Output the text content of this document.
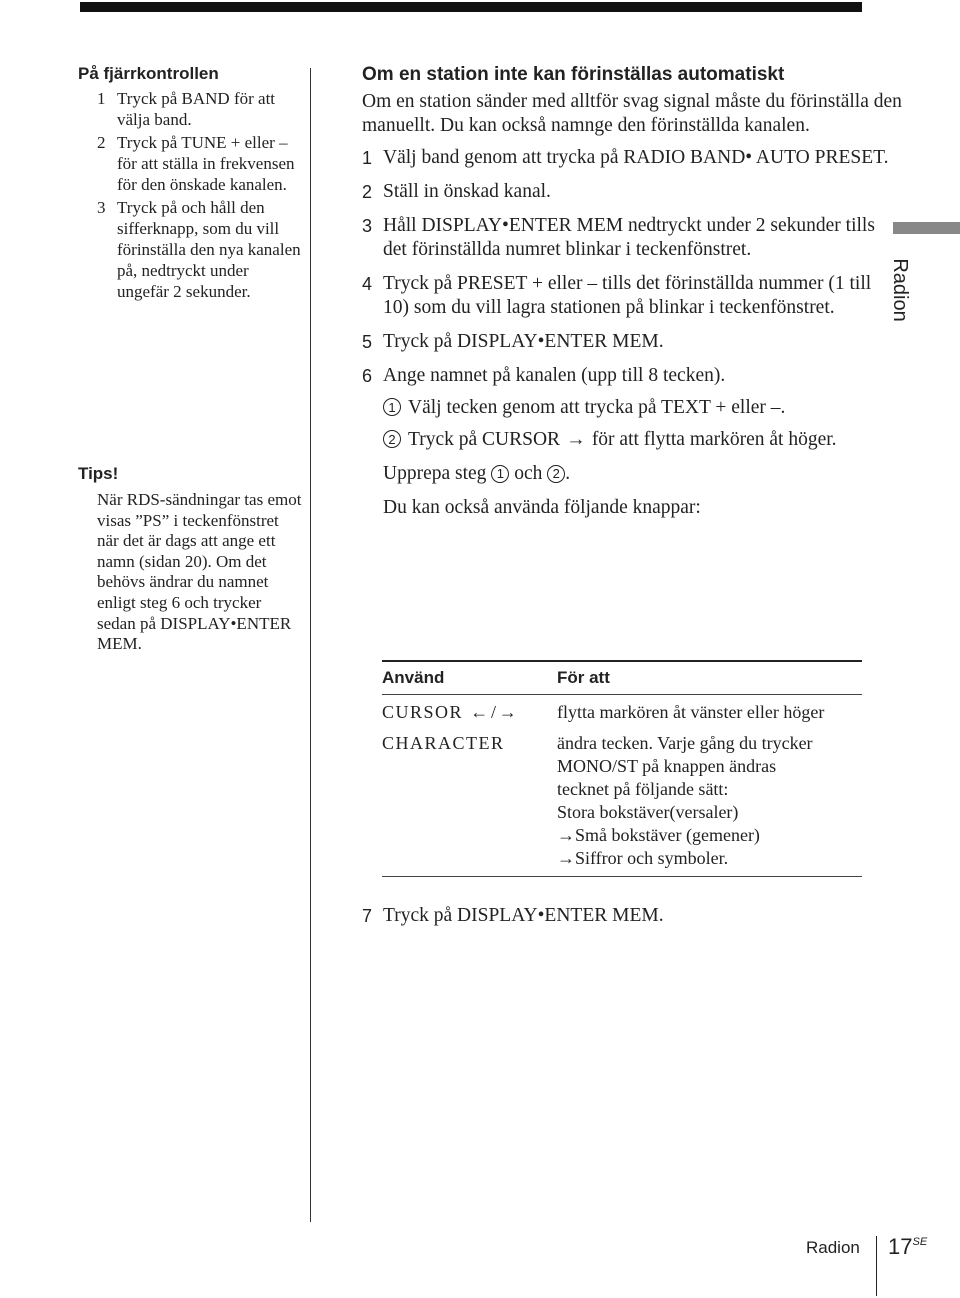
På fjärrkontrollen
1 Tryck på BAND för att välja band.
2 Tryck på TUNE + eller – för att ställa in frekvensen för den önskade kanalen.
3 Tryck på och håll den sifferknapp, som du vill förinställa den nya kanalen på, nedtryckt under ungefär 2 sekunder.
Tips!

När RDS-sändningar tas emot visas ”PS” i teckenfönstret när det är dags att ange ett namn (sidan 20). Om det behövs ändrar du namnet enligt steg 6 och trycker sedan på DISPLAY•ENTER MEM.

Om en station inte kan förinställas automatiskt

Om en station sänder med alltför svag signal måste du förinställa den manuellt. Du kan också namnge den förinställda kanalen.

1 Välj band genom att trycka på RADIO BAND• AUTO PRESET.
2 Ställ in önskad kanal.
3 Håll DISPLAY•ENTER MEM nedtryckt under 2 sekunder tills det förinställda numret blinkar i teckenfönstret.
4 Tryck på PRESET + eller – tills det förinställda nummer (1 till 10) som du vill lagra stationen på blinkar i teckenfönstret.
5 Tryck på DISPLAY•ENTER MEM.
6 Ange namnet på kanalen (upp till 8 tecken).
1 Välj tecken genom att trycka på TEXT + eller –.
2 Tryck på CURSOR → för att flytta markören åt höger.

Upprepa steg 1 och 2 .

Du kan också använda följande knappar:

Använd	För att
CURSOR ←/→	flytta markören åt vänster eller höger
CHARACTER	ändra tecken. Varje gång du trycker
MONO/ST på knappen ändras
tecknet på följande sätt:
Stora bokstäver(versaler)
→Små bokstäver (gemener)
→Siffror och symboler.
7 Tryck på DISPLAY•ENTER MEM.
Radion
Radion $17^{SE}$
